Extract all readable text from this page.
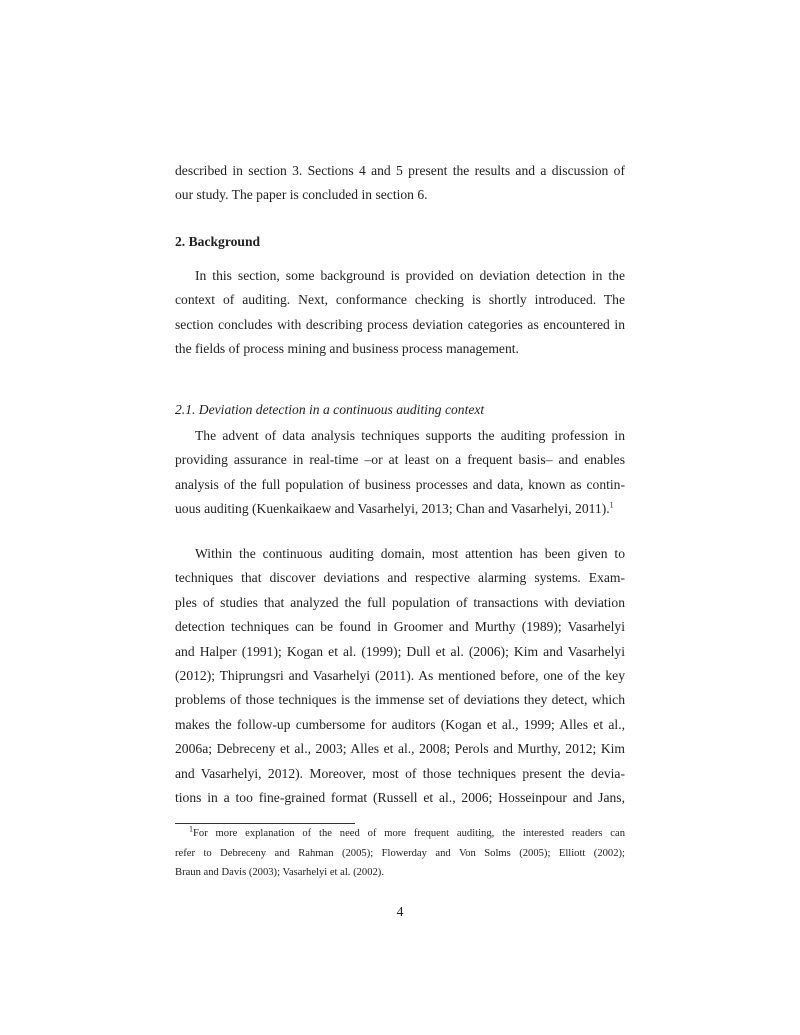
described in section 3. Sections 4 and 5 present the results and a discussion of
our study. The paper is concluded in section 6.
2. Background
In this section, some background is provided on deviation detection in the
context of auditing. Next, conformance checking is shortly introduced. The
section concludes with describing process deviation categories as encountered in
the fields of process mining and business process management.
2.1. Deviation detection in a continuous auditing context
The advent of data analysis techniques supports the auditing profession in
providing assurance in real-time –or at least on a frequent basis– and enables
analysis of the full population of business processes and data, known as contin-
uous auditing (Kuenkaikaew and Vasarhelyi, 2013; Chan and Vasarhelyi, 2011).$^1$
Within the continuous auditing domain, most attention has been given to
techniques that discover deviations and respective alarming systems. Exam-
ples of studies that analyzed the full population of transactions with deviation
detection techniques can be found in Groomer and Murthy (1989); Vasarhelyi
and Halper (1991); Kogan et al. (1999); Dull et al. (2006); Kim and Vasarhelyi
(2012); Thiprungsri and Vasarhelyi (2011). As mentioned before, one of the key
problems of those techniques is the immense set of deviations they detect, which
makes the follow-up cumbersome for auditors (Kogan et al., 1999; Alles et al.,
2006a; Debreceny et al., 2003; Alles et al., 2008; Perols and Murthy, 2012; Kim
and Vasarhelyi, 2012). Moreover, most of those techniques present the devia-
tions in a too fine-grained format (Russell et al., 2006; Hosseinpour and Jans,
$^1$For more explanation of the need of more frequent auditing, the interested readers can
refer to Debreceny and Rahman (2005); Flowerday and Von Solms (2005); Elliott (2002);
Braun and Davis (2003); Vasarhelyi et al. (2002).
4
